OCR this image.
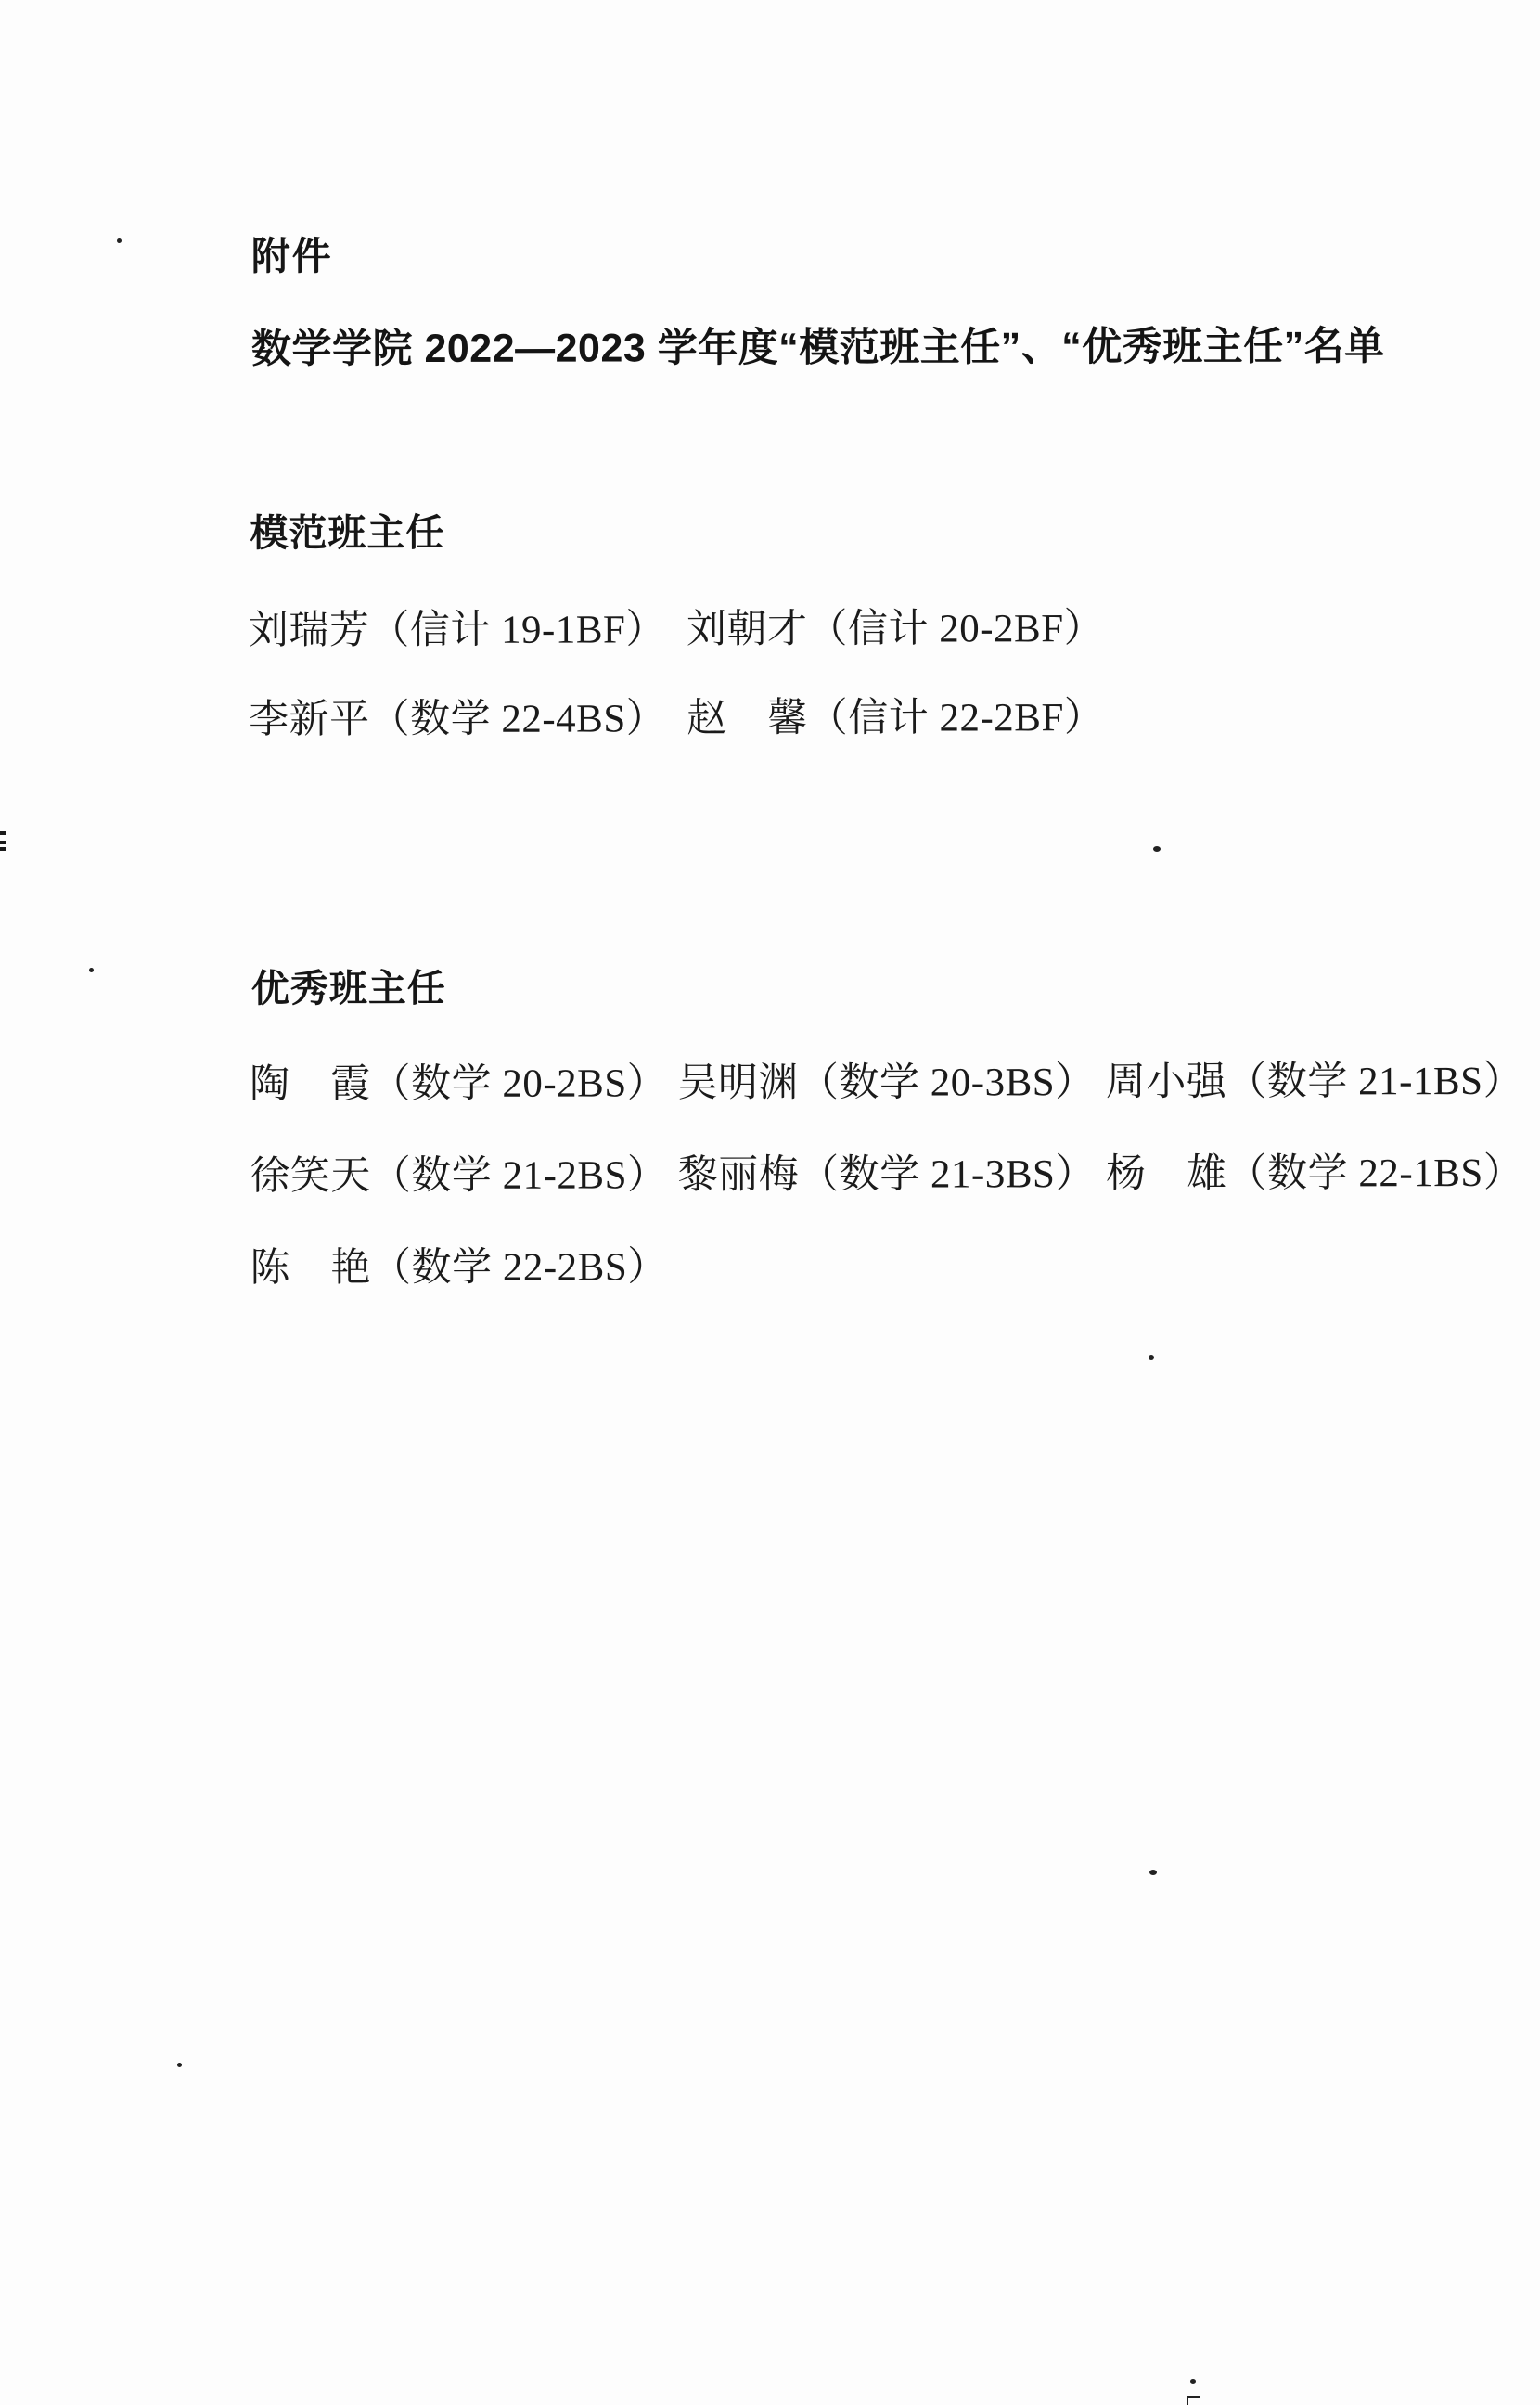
附件
数学学院 2022—2023 学年度“模范班主任”、“优秀班主任”名单
模范班主任

刘瑞芳（信计 19-1BF）　刘朝才（信计 20-2BF）

李新平（数学 22-4BS）　赵　馨（信计 22-2BF）

优秀班主任

陶　霞（数学 20-2BS） 吴明渊（数学 20-3BS） 周小强（数学 21-1BS）

徐笑天（数学 21-2BS） 黎丽梅（数学 21-3BS） 杨　雄（数学 22-1BS）

陈　艳（数学 22-2BS）
